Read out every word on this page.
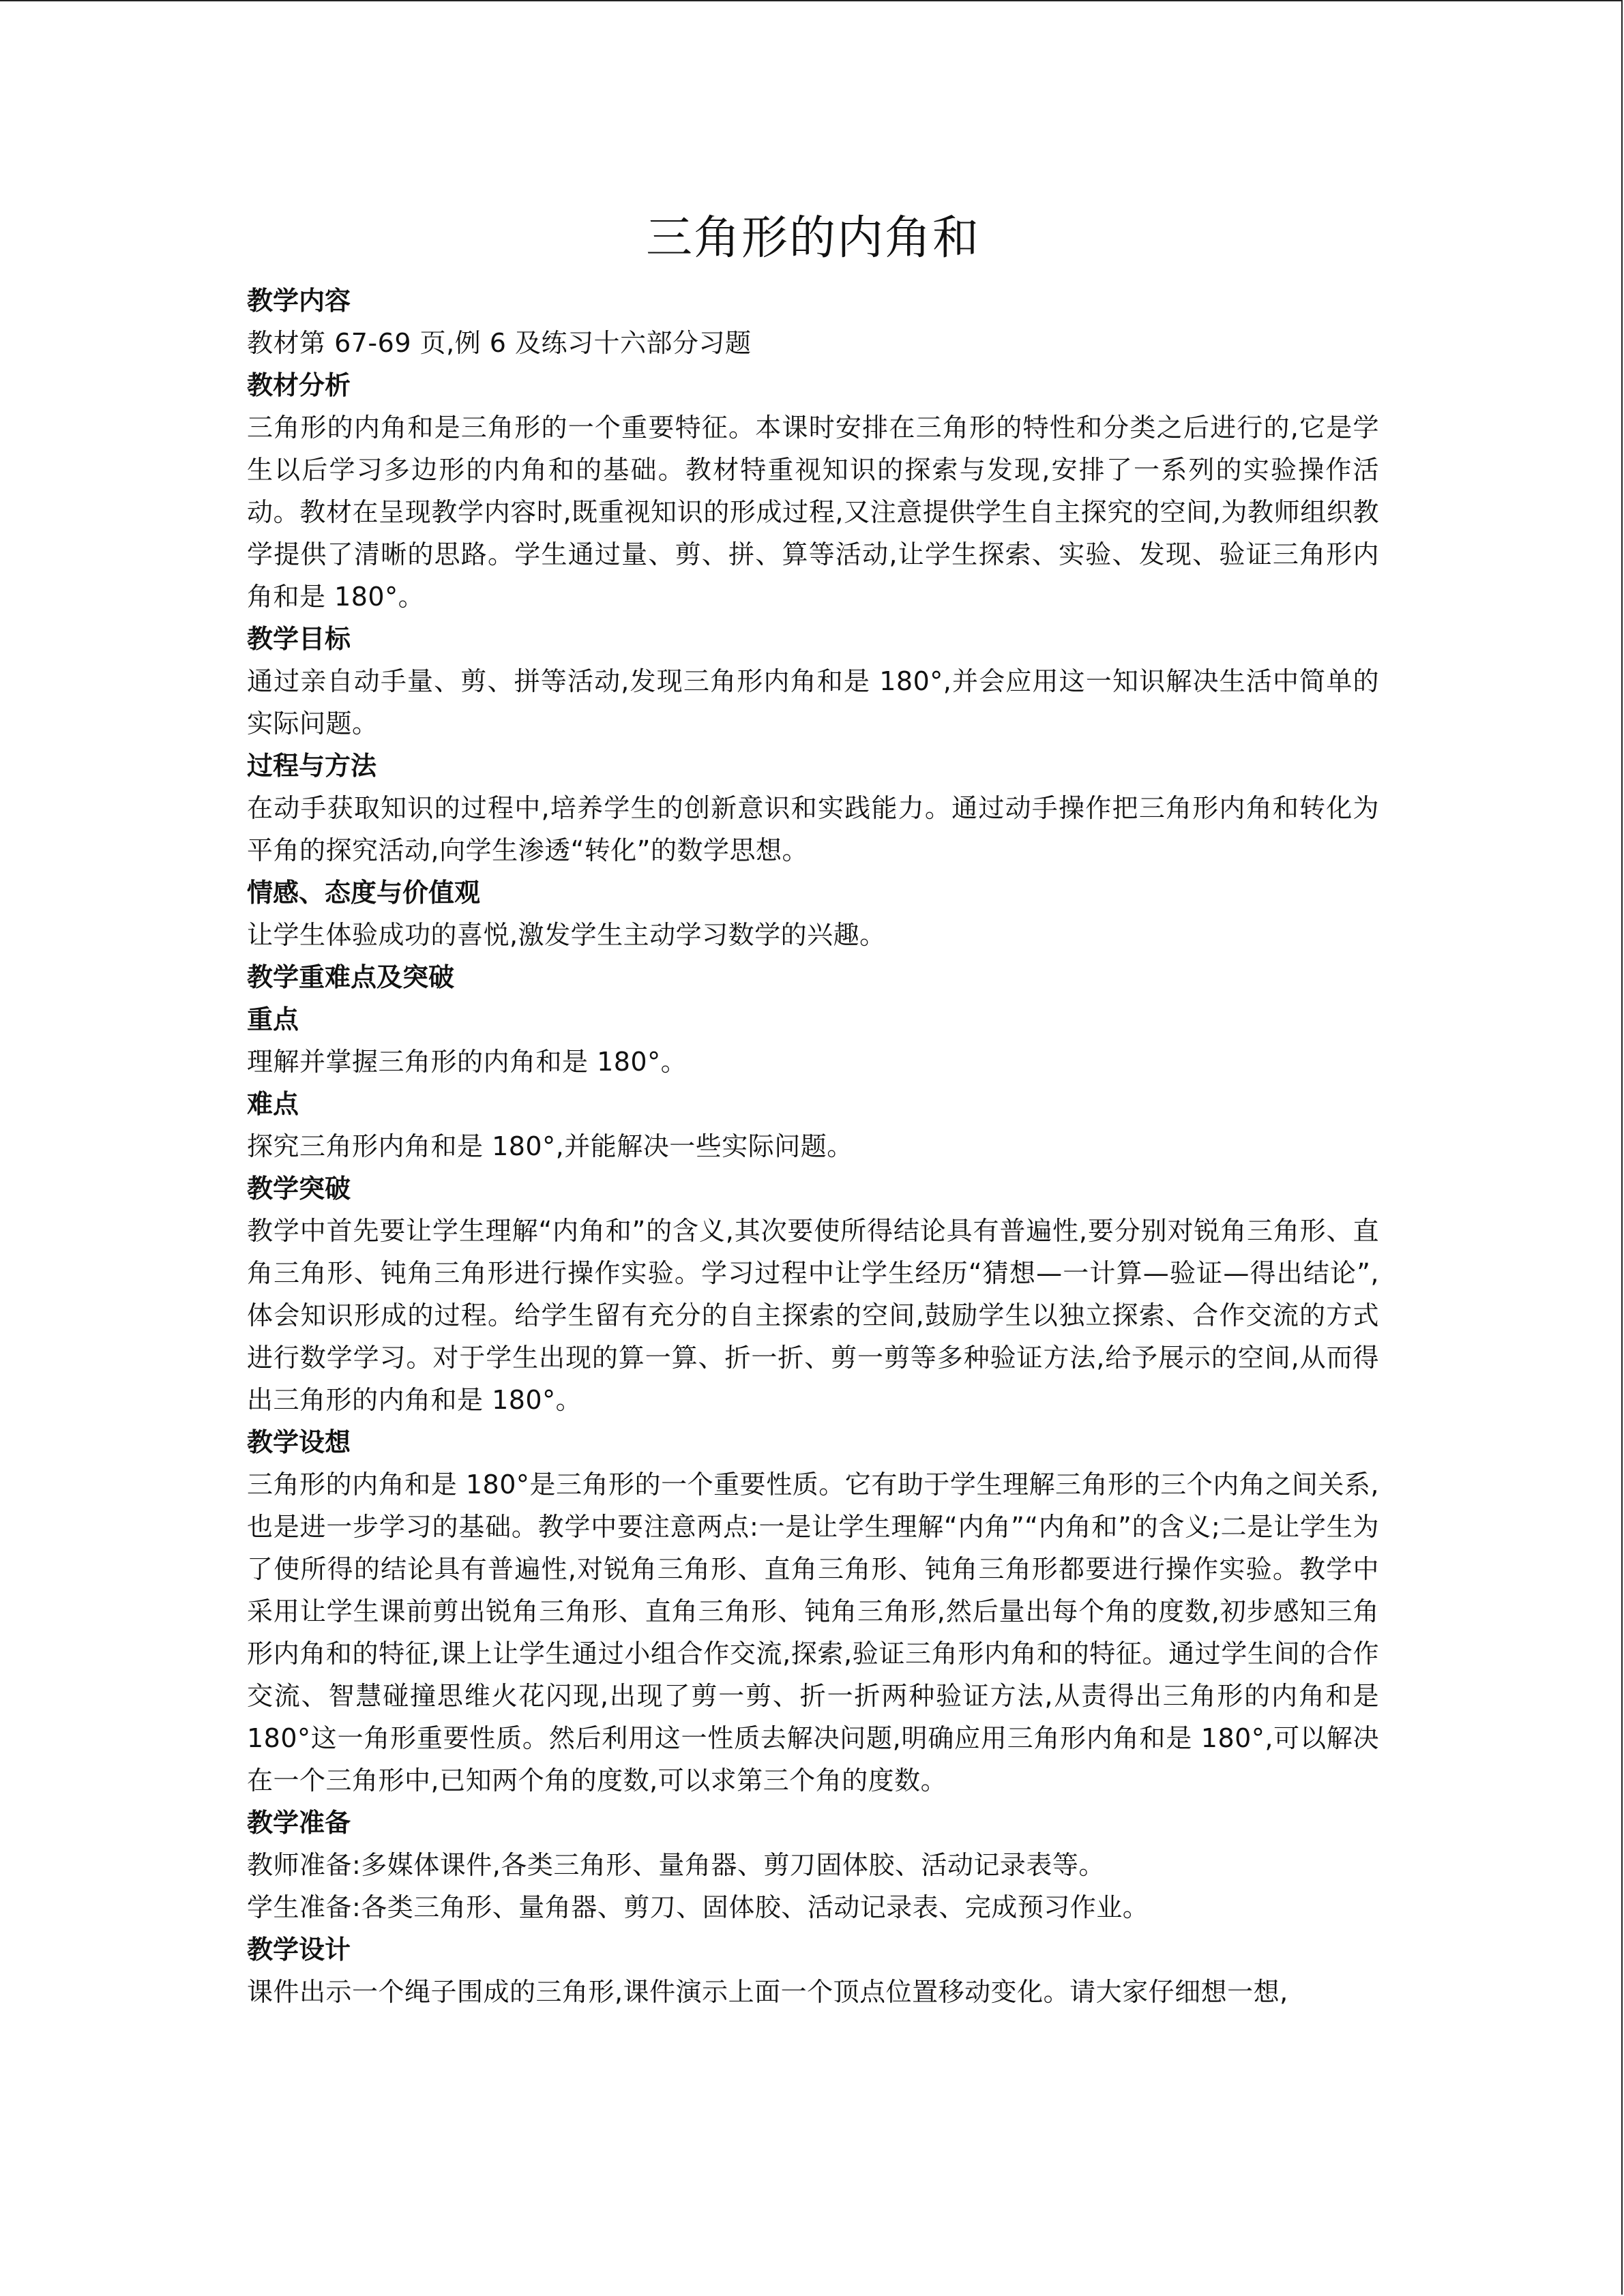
三角形的内角和

教学内容

教材第 67-69 页,例 6 及练习十六部分习题

教材分析

三角形的内角和是三角形的一个重要特征。本课时安排在三角形的特性和分类之后进行的,它是学生以后学习多边形的内角和的基础。教材特重视知识的探索与发现,安排了一系列的实验操作活动。教材在呈现教学内容时,既重视知识的形成过程,又注意提供学生自主探究的空间,为教师组织教学提供了清晰的思路。学生通过量、剪、拼、算等活动,让学生探索、实验、发现、验证三角形内角和是 180°。

教学目标

通过亲自动手量、剪、拼等活动,发现三角形内角和是 180°,并会应用这一知识解决生活中简单的实际问题。

过程与方法

在动手获取知识的过程中,培养学生的创新意识和实践能力。通过动手操作把三角形内角和转化为平角的探究活动,向学生渗透“转化”的数学思想。

情感、态度与价值观

让学生体验成功的喜悦,激发学生主动学习数学的兴趣。

教学重难点及突破

重点

理解并掌握三角形的内角和是 180°。

难点

探究三角形内角和是 180°,并能解决一些实际问题。

教学突破

教学中首先要让学生理解“内角和”的含义,其次要使所得结论具有普遍性,要分别对锐角三角形、直角三角形、钝角三角形进行操作实验。学习过程中让学生经历“猜想—一计算—验证—得出结论”,体会知识形成的过程。给学生留有充分的自主探索的空间,鼓励学生以独立探索、合作交流的方式进行数学学习。对于学生出现的算一算、折一折、剪一剪等多种验证方法,给予展示的空间,从而得出三角形的内角和是 180°。

教学设想

三角形的内角和是 180°是三角形的一个重要性质。它有助于学生理解三角形的三个内角之间关系,也是进一步学习的基础。教学中要注意两点:一是让学生理解“内角”“内角和”的含义;二是让学生为了使所得的结论具有普遍性,对锐角三角形、直角三角形、钝角三角形都要进行操作实验。教学中采用让学生课前剪出锐角三角形、直角三角形、钝角三角形,然后量出每个角的度数,初步感知三角形内角和的特征,课上让学生通过小组合作交流,探索,验证三角形内角和的特征。通过学生间的合作交流、智慧碰撞思维火花闪现,出现了剪一剪、折一折两种验证方法,从责得出三角形的内角和是 180°这一角形重要性质。然后利用这一性质去解决问题,明确应用三角形内角和是 180°,可以解决在一个三角形中,已知两个角的度数,可以求第三个角的度数。

教学准备

教师准备:多媒体课件,各类三角形、量角器、剪刀固体胶、活动记录表等。

学生准备:各类三角形、量角器、剪刀、固体胶、活动记录表、完成预习作业。

教学设计

课件出示一个绳子围成的三角形,课件演示上面一个顶点位置移动变化。请大家仔细想一想,
